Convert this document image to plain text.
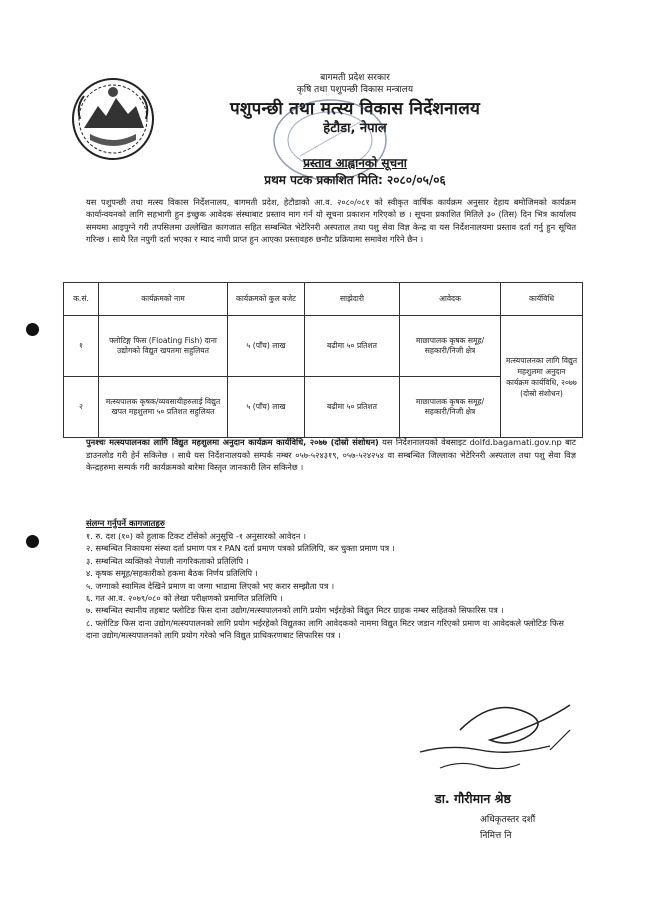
बागमती प्रदेश सरकार
कृषि तथा पशुपन्छी विकास मन्त्रालय
पशुपन्छी तथा मत्स्य विकास निर्देशनालय
हेटौडा, नेपाल
प्रस्ताव आह्वानको सूचना
प्रथम पटक प्रकाशित मिति: २०८०/०५/०६
यस पशुपन्छी तथा मत्स्य विकास निर्देशनालय, बागमती प्रदेश, हेटौडाको आ.व. २०८०/०८१ को स्वीकृत वार्षिक कार्यक्रम अनुसार देहाय बमोजिमको कार्यक्रम कार्यान्वयनको लागि सहभागी हुन इच्छुक आवेदक संस्थाबाट प्रस्ताव माग गर्न यो सूचना प्रकाशन गरिएको छ । सूचना प्रकाशित मितिले ३० (तिस) दिन भित्र कार्यालय समयमा आइपुग्ने गरी तपसिलमा उल्लेखित कागजात सहित सम्बन्धित भेटेरिनरी अस्पताल तथा पशु सेवा विज्ञ केन्द्र वा यस निर्देशनालयमा प्रस्ताव दर्ता गर्नु हुन सूचित गरिन्छ । साथै रित नपुगी दर्ता भएका र म्याद नाघी प्राप्त हुन आएका प्रस्तावहरु छनौट प्रक्रियामा समावेश गरिने छैन ।
क.सं.	कार्यक्रमको नाम	कार्यक्रमको कुल बजेट	साझेदारी	आवेदक	कार्यविधि
१	फ्लोटिङ्ग फिस (Floating Fish) दाना उद्योगको विद्युत खपतमा सहुलियत	५ (पाँच) लाख	बढीमा ५० प्रतिशत	माछापालक कृषक समूह/सहकारी/निजी क्षेत्र	मत्स्यपालनका लागि विद्युत महशुलमा अनुदान कार्यक्रम कार्यविधि, २०७७ (दोस्रो संशोधन)
२	मत्स्यपालक कृषक/व्यवसायीहरुलाई विद्युत खपत महशुलमा ५० प्रतिशत सहुलियत	५ (पाँच) लाख	बढीमा ५० प्रतिशत	माछापालक कृषक समूह/सहकारी/निजी क्षेत्र	
पुनश्चः मत्स्यपालनका लागि विद्युत महशुलमा अनुदान कार्यक्रम कार्यविधि, २०७७ (दोस्रो संशोधन) यस निर्देशनालयको वेबसाइट dolfd.bagamati.gov.np बाट डाउनलोड गरी हेर्न सकिनेछ । साथै यस निर्देशनालयको सम्पर्क नम्बर ०५७-५२४३१९, ०५७-५२४२५४ वा सम्बन्धित जिल्लाका भेटेरिनरी अस्पताल तथा पशु सेवा विज्ञ केन्द्रहरुमा सम्पर्क गरी कार्यक्रमको बारेमा विस्तृत जानकारी लिन सकिनेछ ।
संलग्न गर्नुपर्ने कागजातहरु
१. रु. दश (१०) को हुलाक टिकट टाँसेको अनुसूचि -१ अनुसारको आवेदन ।
२. सम्बन्धित निकायमा संस्था दर्ता प्रमाण पत्र र PAN दर्ता प्रमाण पत्रको प्रतिलिपि, कर चुक्ता प्रमाण पत्र ।
३. सम्बन्धित व्यक्तिको नेपाली नागरिकताको प्रतिलिपि ।
४. कृषक समूह/सहकारीको हकमा बैठक निर्णय प्रतिलिपि ।
५. जग्गाको स्वामित्व देखिने प्रमाण वा जग्गा भाडामा लिएको भए करार सम्झौता पत्र ।
६. गत आ.व. २०७९/०८० को लेखा परीक्षणको प्रमाणित प्रतिलिपि ।
७. सम्बन्धित स्थानीय तहबाट फ्लोटिङ फिस दाना उद्योग/मत्स्यपालनको लागि प्रयोग भईरहेको विद्युत मिटर ग्राहक नम्बर सहितको सिफारिस पत्र ।
८. फ्लोटिङ फिस दाना उद्योग/मत्स्यपालनको लागि प्रयोग भईरहेको विद्युतका लागि आवेदकको नाममा विद्युत मिटर जडान गरिएको प्रमाण वा आवेदकले फ्लोटिङ फिस दाना उद्योग/मत्स्यपालनको लागि प्रयोग गरेको भनि विद्युत प्राधिकरणबाट सिफारिस पत्र ।
डा. गौरीमान श्रेष्ठ
अधिकृतस्तर दशौं
निमित्त नि
